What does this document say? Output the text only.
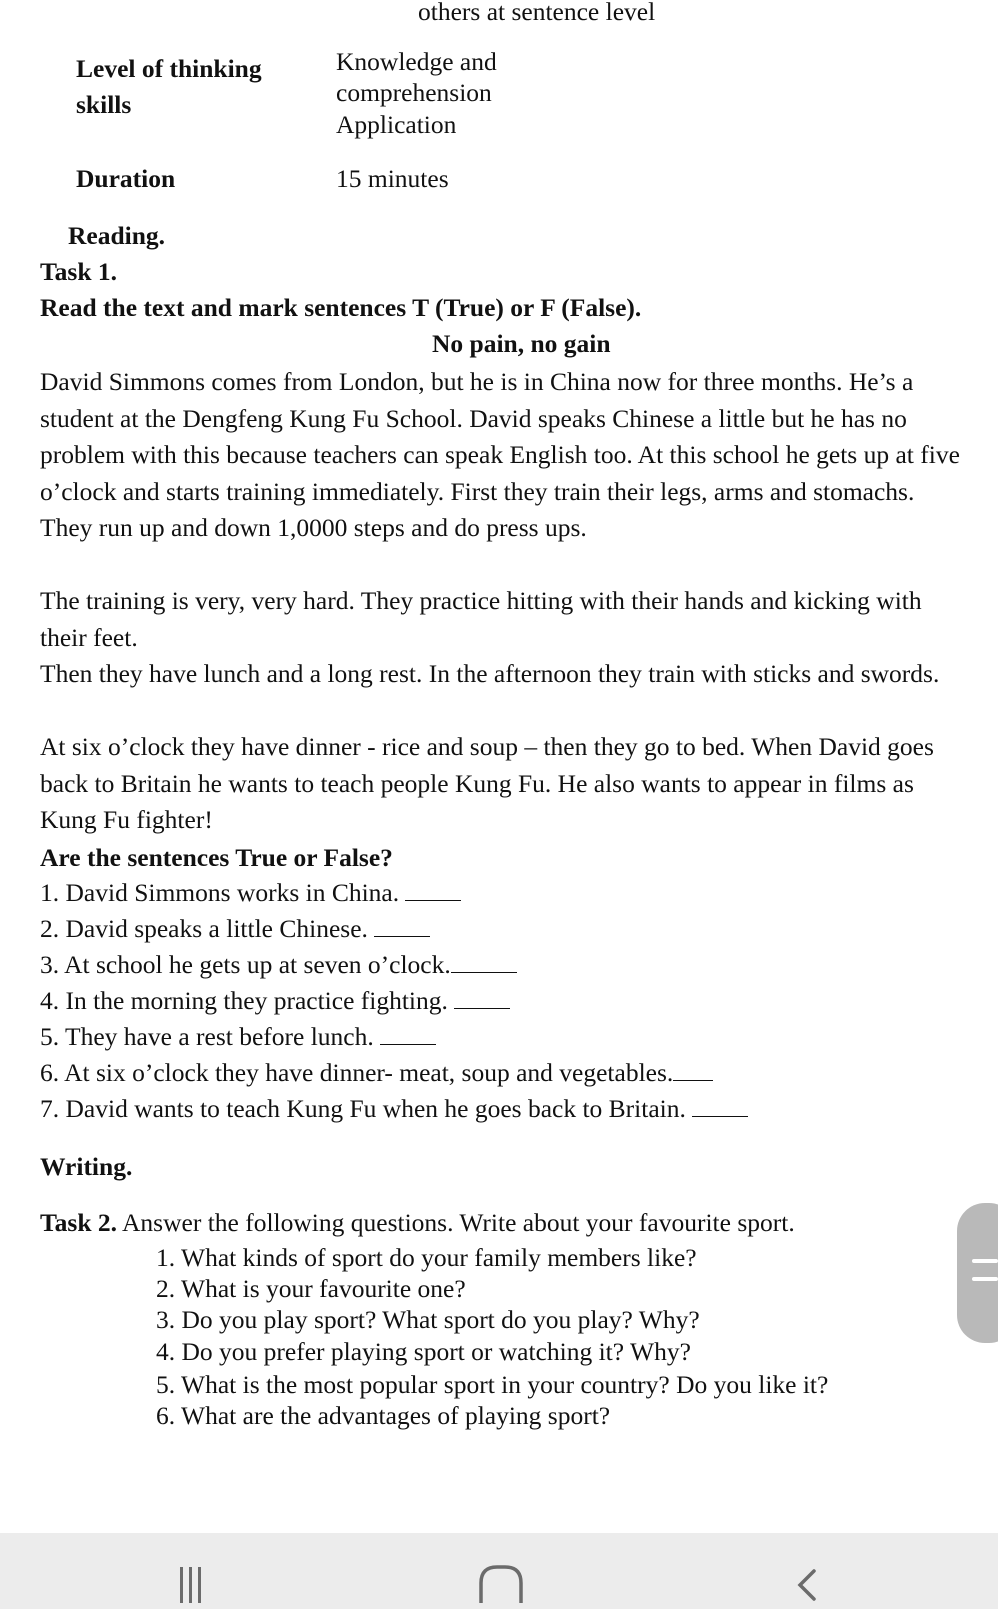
others at sentence level
Level of thinking
skills
Knowledge and
comprehension
Application
Duration	15 minutes
Reading.
Task 1.
Read the text and mark sentences T (True) or F (False).
No pain, no gain
David Simmons comes from London, but he is in China now for three months. He’s a student at the Dengfeng Kung Fu School. David speaks Chinese a little but he has no problem with this because teachers can speak English too. At this school he gets up at five o’clock and starts training immediately. First they train their legs, arms and stomachs. They run up and down 1,0000 steps and do press ups.
The training is very, very hard. They practice hitting with their hands and kicking with their feet.
Then they have lunch and a long rest. In the afternoon they train with sticks and swords.
At six o’clock they have dinner - rice and soup – then they go to bed. When David goes back to Britain he wants to teach people Kung Fu. He also wants to appear in films as Kung Fu fighter!
Are the sentences True or False?
1. David Simmons works in China.
2. David speaks a little Chinese.
3. At school he gets up at seven o’clock.
4. In the morning they practice fighting.
5. They have a rest before lunch.
6. At six o’clock they have dinner- meat, soup and vegetables.
7. David wants to teach Kung Fu when he goes back to Britain.
Writing.
Task 2. Answer the following questions. Write about your favourite sport.
1. What kinds of sport do your family members like?
2. What is your favourite one?
3. Do you play sport? What sport do you play? Why?
4. Do you prefer playing sport or watching it? Why?
5. What is the most popular sport in your country? Do you like it?
6. What are the advantages of playing sport?
